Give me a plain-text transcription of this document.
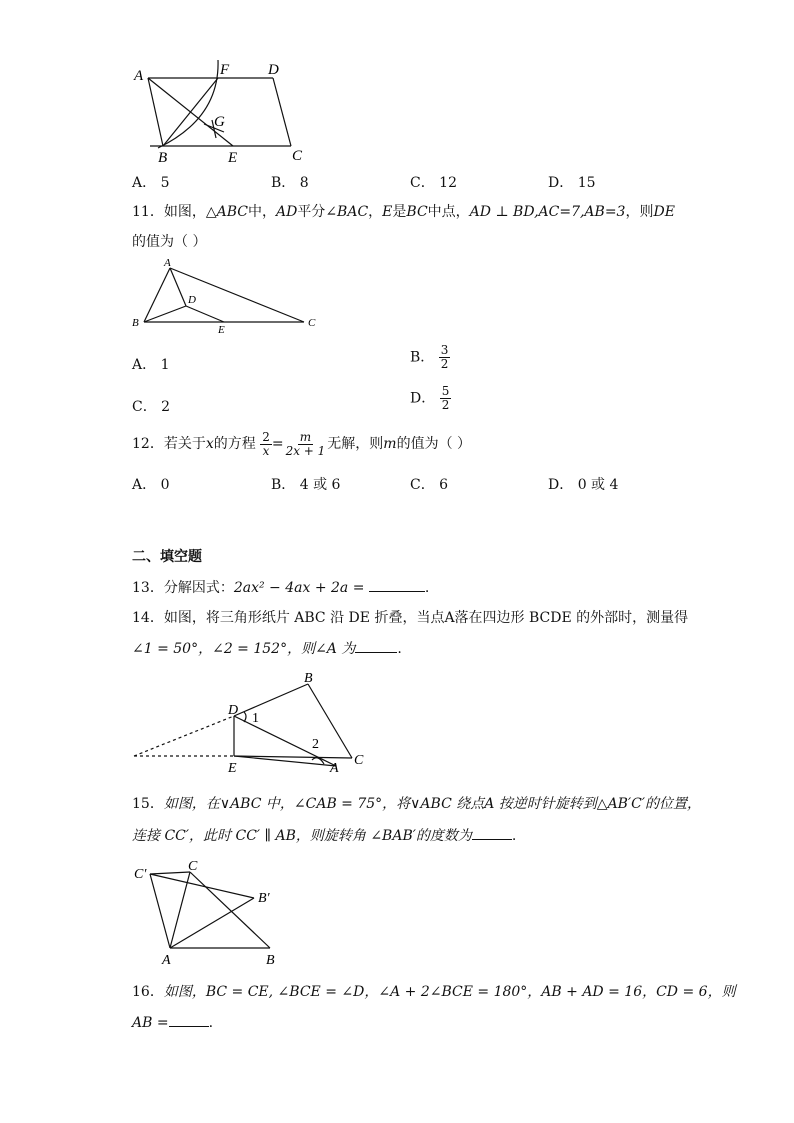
A	F	D
G
B	E	C
A． 5	B． 8	C． 12	D． 15
11．如图，△ABC中，AD平分∠BAC，E是BC中点，AD ⊥ BD,AC=7,AB=3，则DE
的值为（ ）
A
D
B
E
C
A． 1	B． $\frac{3}{2}$
C． 2
D． $\frac{5}{2}$
12．若关于x的方程 $\frac{2}{x} = \frac{m}{2x + 1}$ 无解，则m的值为（ ）
A． 0	B． 4 或 6	C． 6	D． 0 或 4
二、填空题
13．分解因式：2ax² − 4ax + 2a =	.
14．如图，将三角形纸片 ABC 沿 DE 折叠，当点A落在四边形 BCDE 的外部时，测量得
∠1 = 50°，∠2 = 152°，则∠A 为	.
B
D
1
2
E	A
C
15．如图，在∨ABC 中，∠CAB = 75°，将∨ABC 绕点A 按逆时针旋转到△AB′C′的位置，
连接 CC′，此时 CC′ ∥ AB，则旋转角 ∠BAB′的度数为	.
C′
C
B′
A	B
16．如图，BC = CE, ∠BCE = ∠D，∠A + 2∠BCE = 180°，AB + AD = 16，CD = 6，则
AB =	.
